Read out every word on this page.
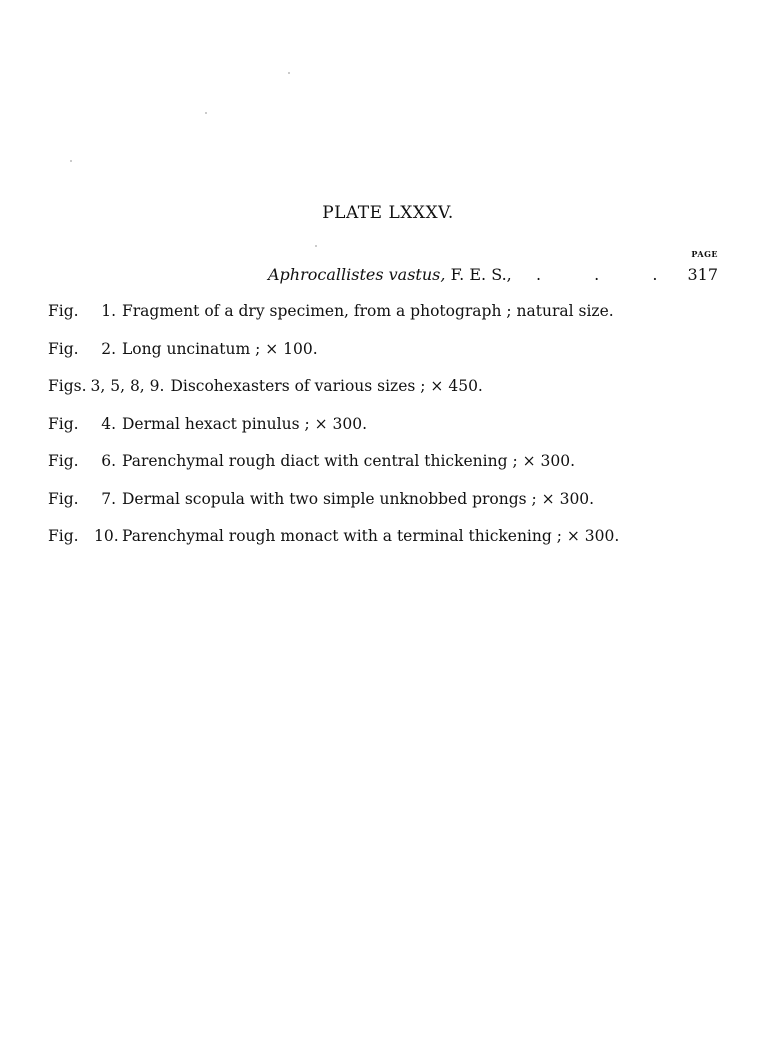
PLATE LXXXV.
PAGE
Aphrocallistes vastus, F. E. S., . . . 317
Fig. 1. Fragment of a dry specimen, from a photograph ; natural size.
Fig. 2. Long uncinatum ; × 100.
Figs. 3, 5, 8, 9. Discohexasters of various sizes ; × 450.
Fig. 4. Dermal hexact pinulus ; × 300.
Fig. 6. Parenchymal rough diact with central thickening ; × 300.
Fig. 7. Dermal scopula with two simple unknobbed prongs ; × 300.
Fig. 10. Parenchymal rough monact with a terminal thickening ; × 300.
